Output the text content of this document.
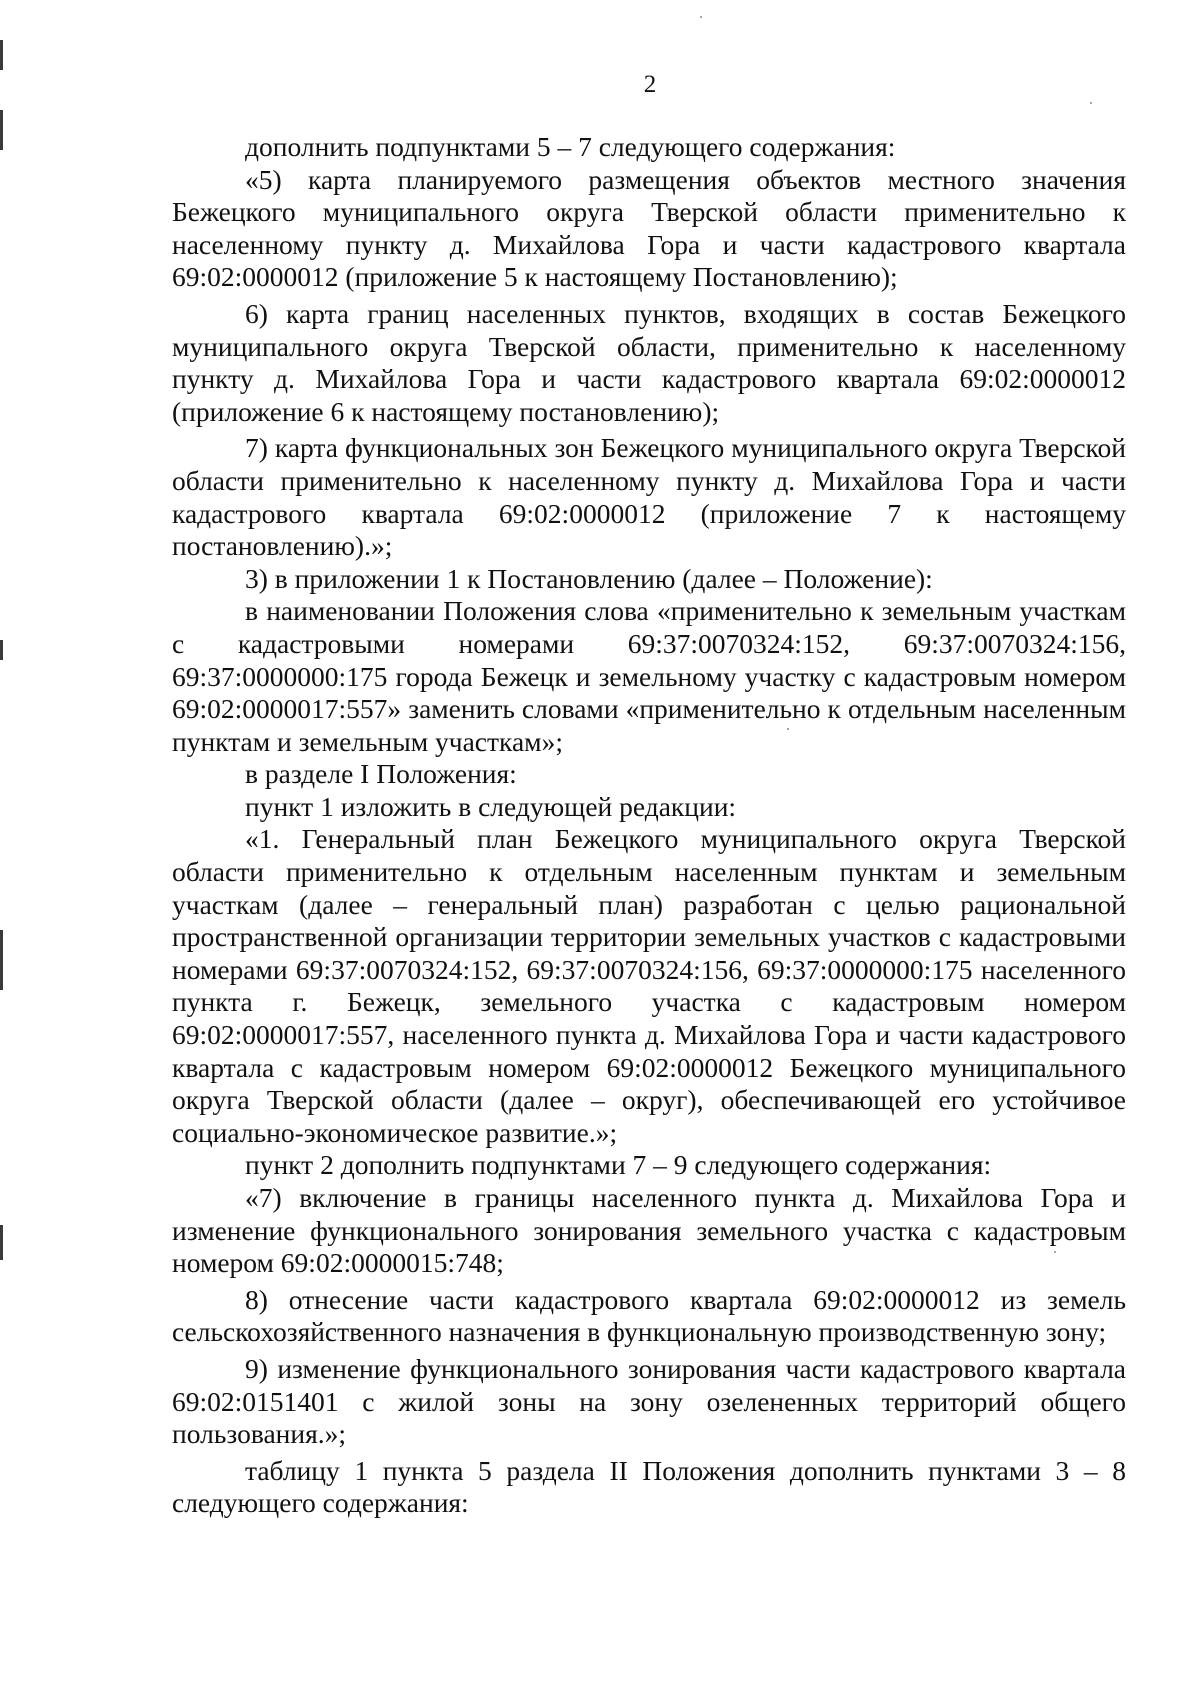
2

дополнить подпунктами 5 – 7 следующего содержания:

«5) карта планируемого размещения объектов местного значения Бежецкого муниципального округа Тверской области применительно к населенному пункту д. Михайлова Гора и части кадастрового квартала 69:02:0000012 (приложение 5 к настоящему Постановлению);

6) карта границ населенных пунктов, входящих в состав Бежецкого муниципального округа Тверской области, применительно к населенному пункту д. Михайлова Гора и части кадастрового квартала 69:02:0000012 (приложение 6 к настоящему постановлению);

7) карта функциональных зон Бежецкого муниципального округа Тверской области применительно к населенному пункту д. Михайлова Гора и части кадастрового квартала 69:02:0000012 (приложение 7 к настоящему постановлению).»;

3) в приложении 1 к Постановлению (далее – Положение):

в наименовании Положения слова «применительно к земельным участкам с кадастровыми номерами 69:37:0070324:152, 69:37:0070324:156, 69:37:0000000:175 города Бежецк и земельному участку с кадастровым номером 69:02:0000017:557» заменить словами «применительно к отдельным населенным пунктам и земельным участкам»;

в разделе I Положения:

пункт 1 изложить в следующей редакции:

«1. Генеральный план Бежецкого муниципального округа Тверской области применительно к отдельным населенным пунктам и земельным участкам (далее – генеральный план) разработан с целью рациональной пространственной организации территории земельных участков с кадастровыми номерами 69:37:0070324:152, 69:37:0070324:156, 69:37:0000000:175 населенного пункта г. Бежецк, земельного участка с кадастровым номером 69:02:0000017:557, населенного пункта д. Михайлова Гора и части кадастрового квартала с кадастровым номером 69:02:0000012 Бежецкого муниципального округа Тверской области (далее – округ), обеспечивающей его устойчивое социально-экономическое развитие.»;

пункт 2 дополнить подпунктами 7 – 9 следующего содержания:

«7) включение в границы населенного пункта д. Михайлова Гора и изменение функционального зонирования земельного участка с кадастровым номером 69:02:0000015:748;

8) отнесение части кадастрового квартала 69:02:0000012 из земель сельскохозяйственного назначения в функциональную производственную зону;

9) изменение функционального зонирования части кадастрового квартала 69:02:0151401 с жилой зоны на зону озелененных территорий общего пользования.»;

таблицу 1 пункта 5 раздела II Положения дополнить пунктами 3 – 8 следующего содержания:
